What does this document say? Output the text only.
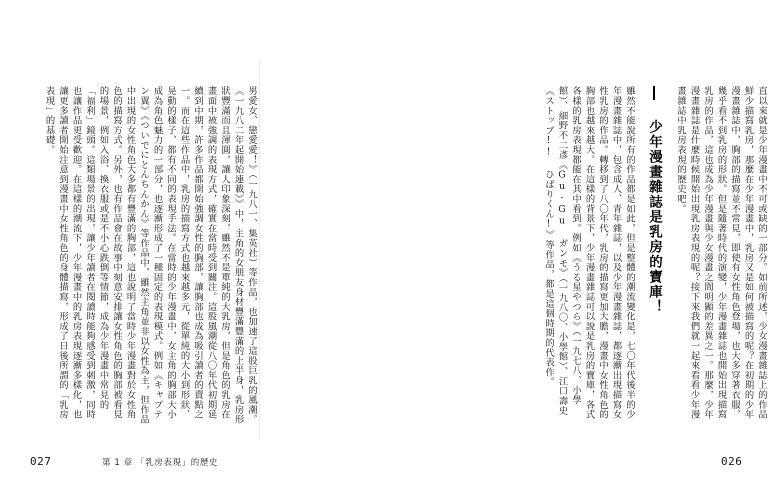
男愛女、戀愛愛！》（一九八一、集英社）等作品，也加速了這股巨乳的風潮。《一九八二年起開始連載》》中，主角的女朋友身材豐滿豐滿的上半身，乳房形狀豐滿而且渾圓，讓人印象深刻，雖然不是單純的大乳房，但是角色的乳房在畫面中被強調的表現方式，確實在當時受到關注。這股風潮從八〇年代初期延續到中期，許多作品都開始強調女性的胸部，讓胸部也成為吸引讀者的賣點之一。而在這些作品中，乳房的描寫方式也越來越多元，從單純的大小到形狀、晃動的樣子，都有不同的表現手法。在當時的少年漫畫中，女主角的胸部大小成為角色魅力的一部分，也逐漸形成了一種固定的表現模式。例如《キャプテン翼》《ついでにとんちんかん》等作品中，雖然主角並非以女性為主，但作品中出現的女性角色大多都有豐滿的胸部，這也說明了當時少年漫畫對於女性角色的描寫方式。另外，也有作品會在故事中刻意安排讓女性角色的胸部被看見的場景，例如入浴、換衣服或是不小心跌倒等情節，成為少年漫畫中常見的「福利」鏡頭。這類場景的出現，讓少年讀者在閱讀時能夠感受到刺激，同時也讓作品更受歡迎。在這樣的潮流下，少年漫畫中的乳房表現逐漸多樣化，也讓更多讀者開始注意到漫畫中女性角色的身體描寫，形成了日後所謂的「乳房表現」的基礎。
027	第 1 章 「乳房表現」的歷史
直以來就是少年漫畫中不可或缺的一部分。如前所述，少女漫畫雜誌上的作品鮮少描寫乳房，那麼在少年漫畫中，乳房又是如何被描寫的呢？在初期的少年漫畫雜誌中，胸部的描寫並不常見，即使有女性角色登場，也大多穿著衣服，幾乎看不到乳房的形狀。但是隨著時代的演變，少年漫畫雜誌也開始出現描寫乳房的作品，這也成為少年漫畫與少女漫畫之間明顯的差異之一。那麼，少年漫畫雜誌是什麼時候開始出現乳房表現的呢？接下來我們就一起來看看少年漫畫雜誌中乳房表現的歷史吧。
少年漫畫雜誌是乳房的寶庫！
雖然不能說所有的作品都是如此，但是整體的潮流變化是，七〇年代後半的少年漫畫雜誌中，包含成人、青年雜誌，以及少年漫畫雜誌，都逐漸出現描寫女性乳房的作品。轉移到了八〇年代，乳房的描寫更加大膽，漫畫中女性角色的胸部也越來越大。在這樣的背景下，少年漫畫雜誌可以說是乳房的寶庫，各式各樣的乳房表現都能在其中看到。例如《うる星やつら》（一九七八、小學館）、細野不二彥《Gu-Gu ガンモ》（一九八〇、小學館）、江口壽史《ストップ!! ひばりくん!》等作品，都是這個時期的代表作。
026
